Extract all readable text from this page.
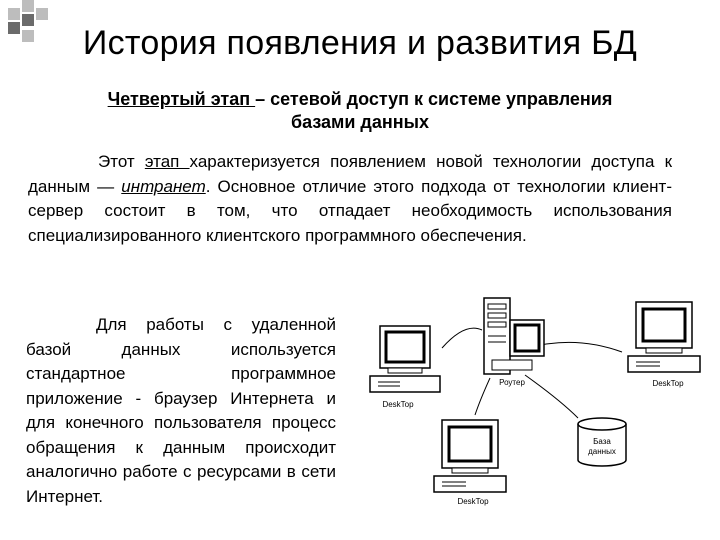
История появления и развития БД
Четвертый этап – сетевой доступ к системе управления
базами данных
Этот этап характеризуется появлением новой технологии доступа к данным — интранет. Основное отличие этого подхода от технологии клиент-сервер состоит в том, что отпадает необходимость использования специализированного клиентского программного обеспечения.
Для работы с удаленной базой данных используется стандартное программное приложение - браузер Интернета и для конечного пользователя процесс обращения к данным происходит аналогично работе с ресурсами в сети Интернет.
Роутер
DeskTop
DeskTop
База
данных
DeskTop
